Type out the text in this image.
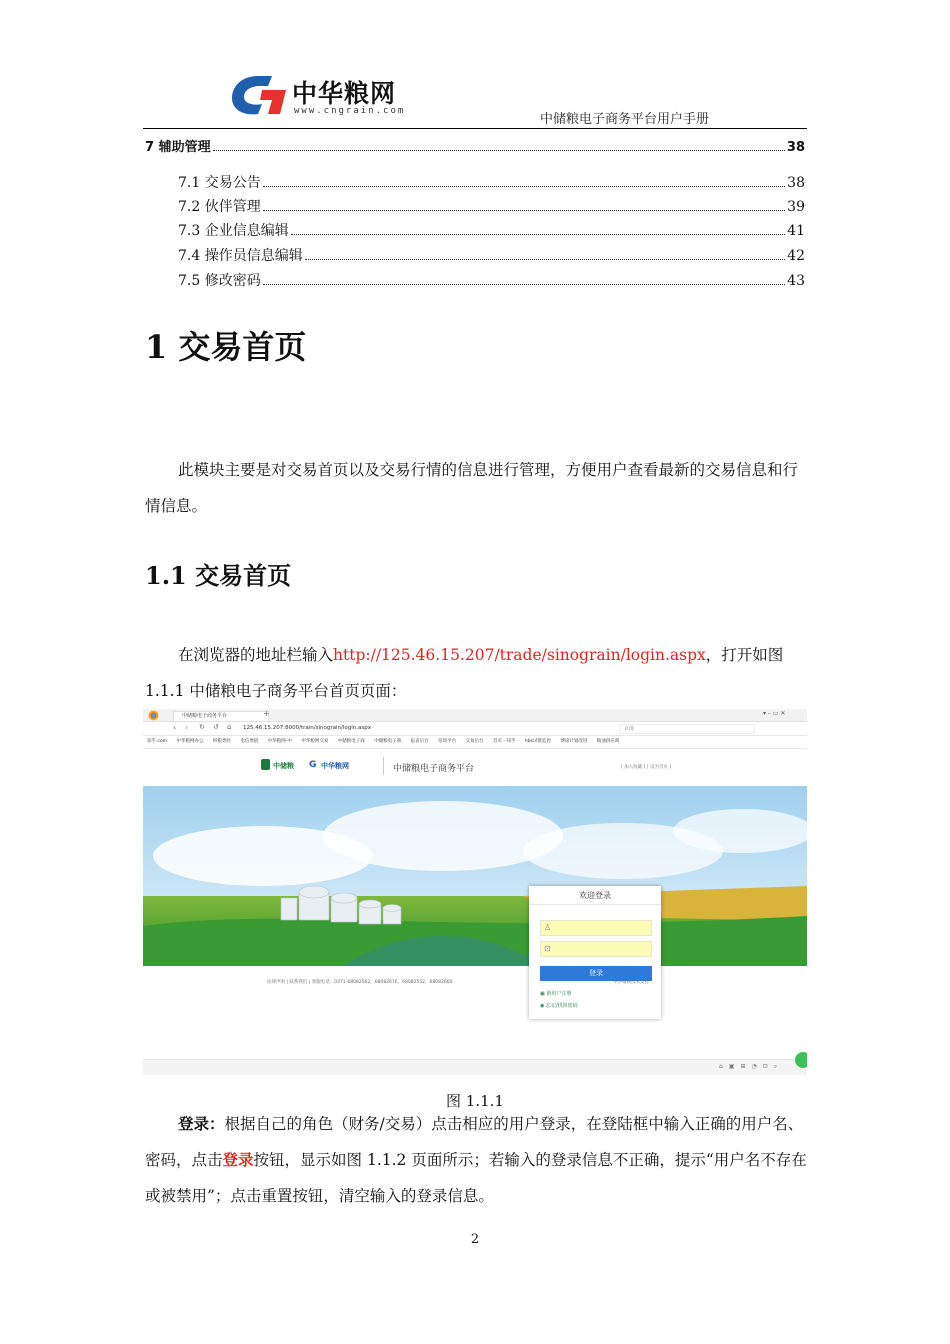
中华粮网
www.cngrain.com
中储粮电子商务平台用户手册
7 辅助管理	38
7.1 交易公告	38
7.2 伙伴管理	39
7.3 企业信息编辑	41
7.4 操作员信息编辑	42
7.5 修改密码	43
1 交易首页
此模块主要是对交易首页以及交易行情的信息进行管理，方便用户查看最新的交易信息和行情信息。
1.1 交易首页
在浏览器的地址栏输入http://125.46.15.207/trade/sinograin/login.aspx，打开如图 1.1.1 中储粮电子商务平台首页页面：
中储粮电子商务平台	+	▾ – ▭ ✕
‹ › ↻ ↺ ⌂ 125.46.15.207:8000/train/sinograin/login.aspx	百度
知乎.com 中华粮网办公 积粮类经 电信增值 中华粮网-中 中华粮网交易 中储粮电子商 中储粮电子商 报表后台 培训平台 交易后台 首页 - 知乎 hbs试排监控 博途计划改进 粮油供应商
中储粮 G 中华粮网	中储粮电子商务平台	[ 加入收藏 ] [ 设为首页 ]
欢迎登录
♙
⊡
登录
▣ 新用户注册
◉ 忘记/找回密码
法律声明 | 联系我们 | 客服电话：0371-68082562，68082676，68082552，68082660	中华粮网技术支持
⌂▣⊞◔⊡⌕
图 1.1.1
登录：根据自己的角色（财务/交易）点击相应的用户登录，在登陆框中输入正确的用户名、密码，点击登录按钮，显示如图 1.1.2 页面所示；若输入的登录信息不正确，提示“用户名不存在或被禁用”；点击重置按钮，清空输入的登录信息。
2
